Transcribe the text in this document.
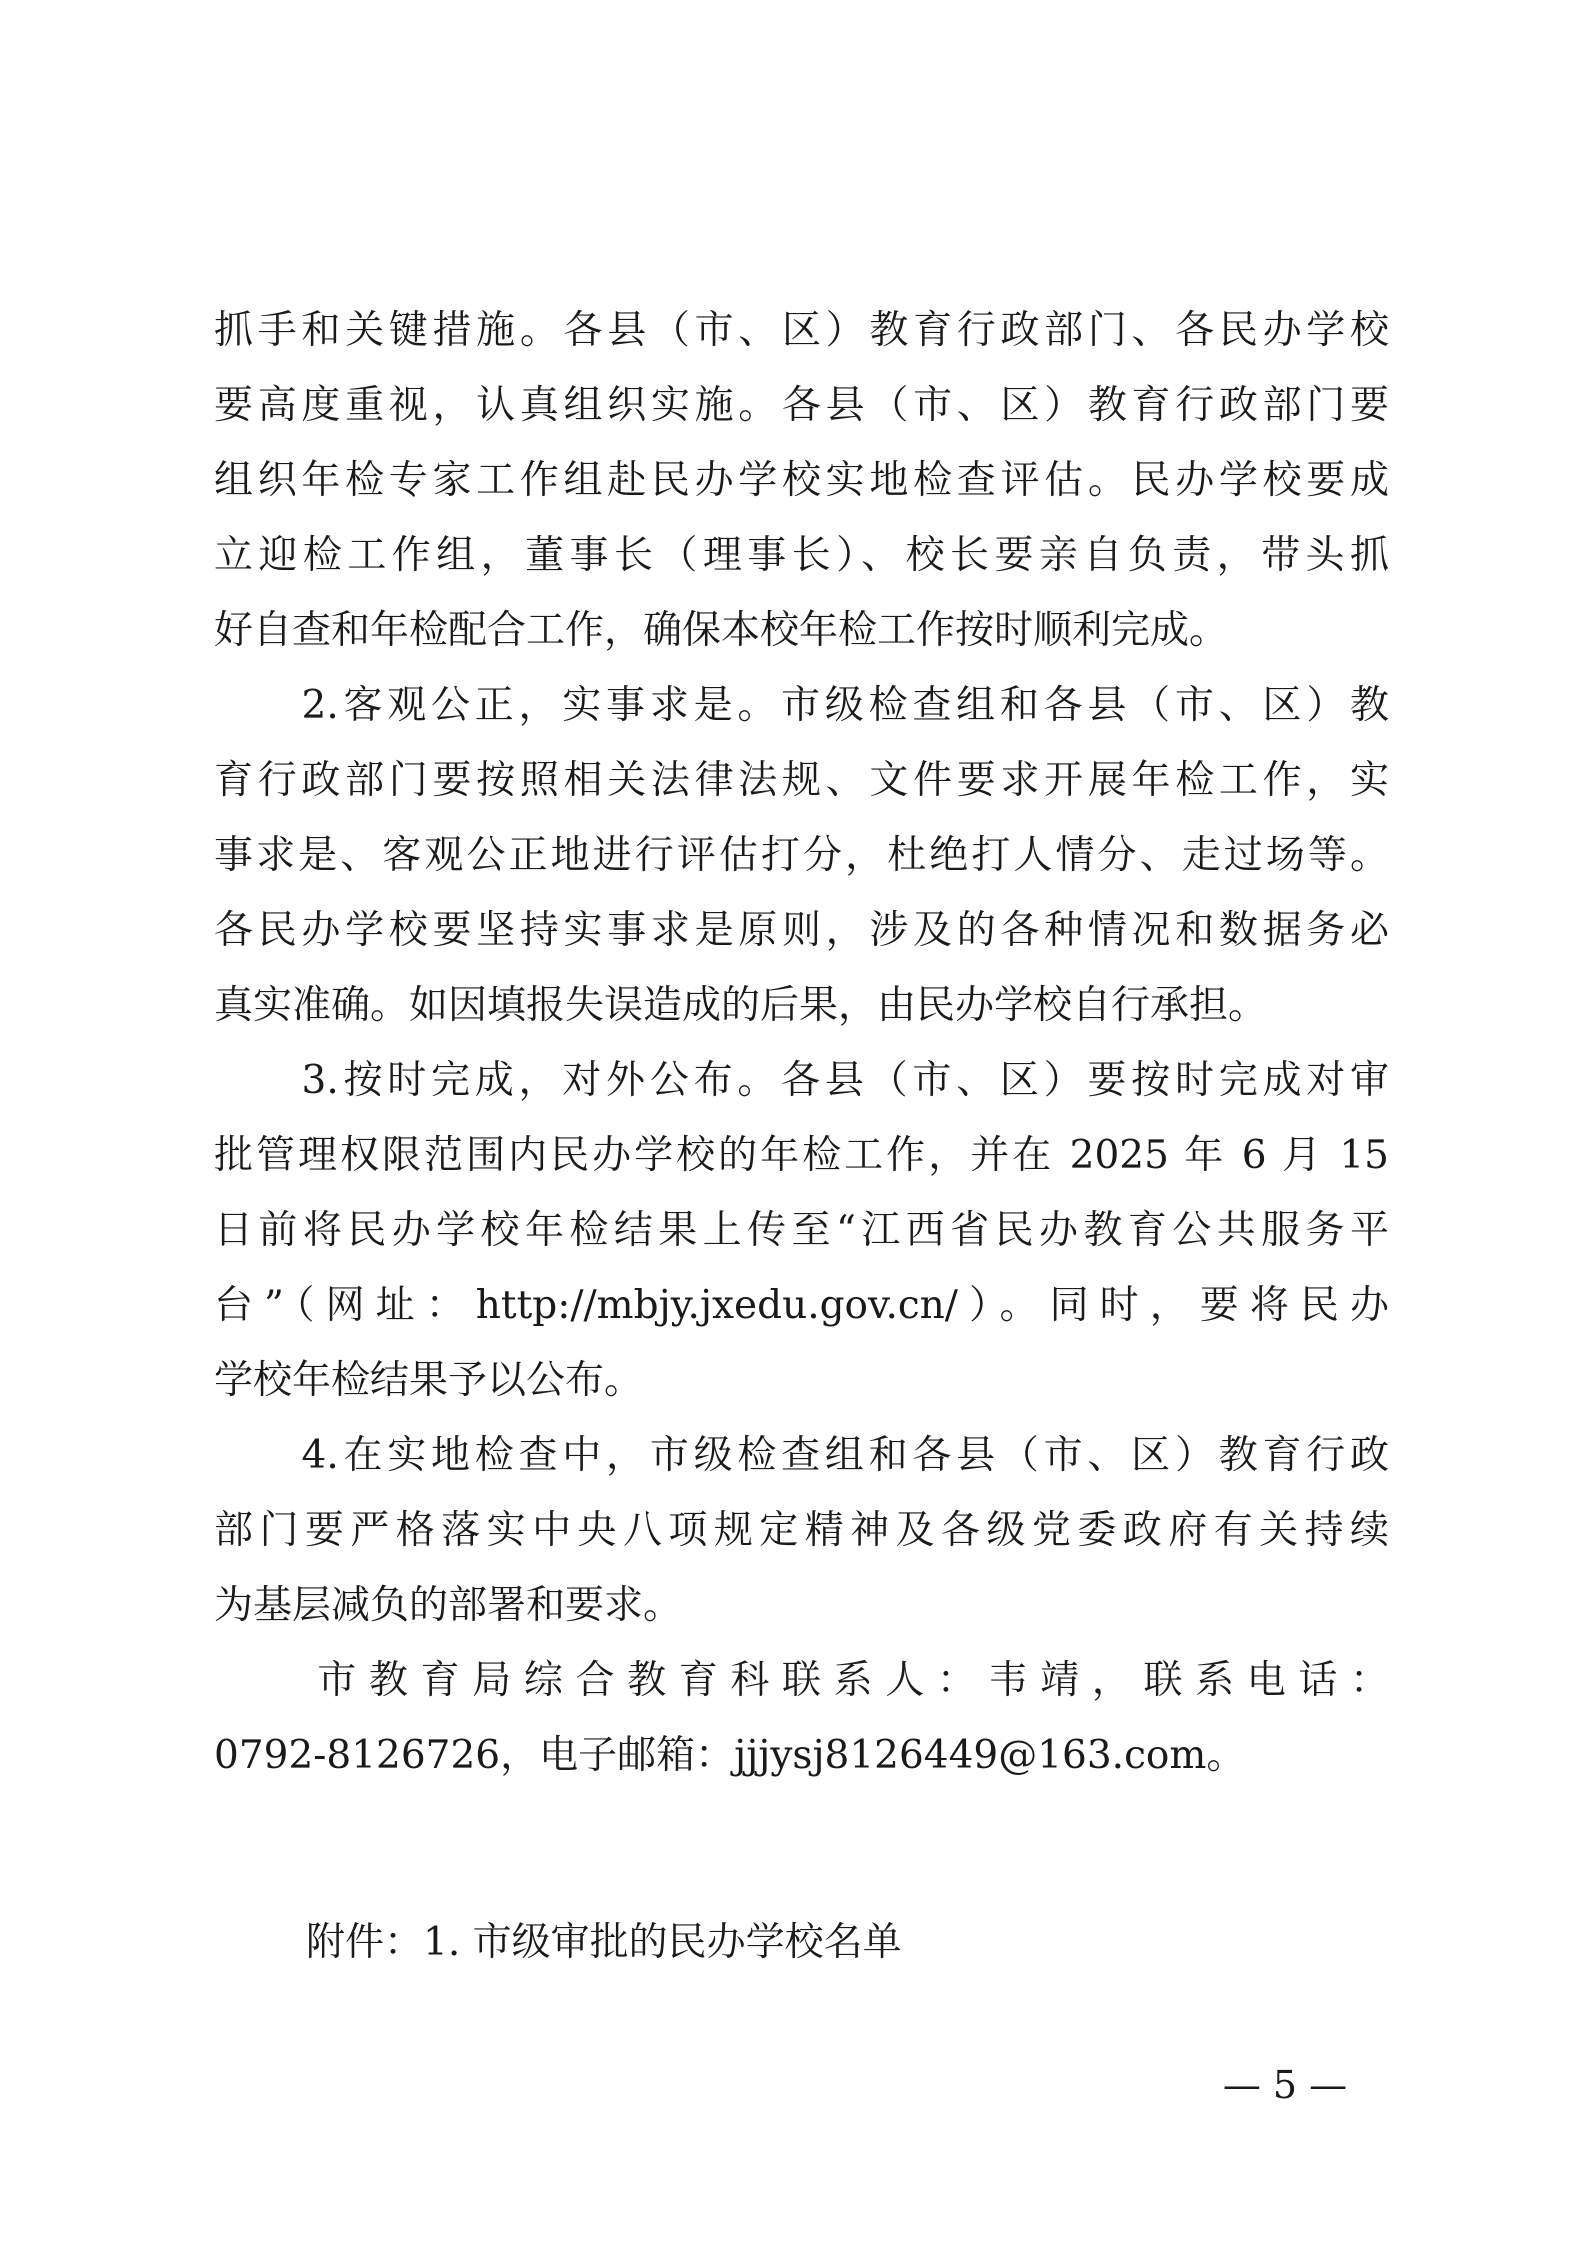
抓手和关键措施。各县（市、区）教育行政部门、各民办学校
要高度重视，认真组织实施。各县（市、区）教育行政部门要
组织年检专家工作组赴民办学校实地检查评估。民办学校要成
立迎检工作组，董事长（理事长）、校长要亲自负责，带头抓
好自查和年检配合工作，确保本校年检工作按时顺利完成。
　　2.客观公正，实事求是。市级检查组和各县（市、区）教
育行政部门要按照相关法律法规、文件要求开展年检工作，实
事求是、客观公正地进行评估打分，杜绝打人情分、走过场等。
各民办学校要坚持实事求是原则，涉及的各种情况和数据务必
真实准确。如因填报失误造成的后果，由民办学校自行承担。
　　3.按时完成，对外公布。各县（市、区）要按时完成对审
批管理权限范围内民办学校的年检工作，并在 2025 年 6 月 15
日前将民办学校年检结果上传至“江西省民办教育公共服务平
台”（网址：http://mbjy.jxedu.gov.cn/）。同时，要将民办
学校年检结果予以公布。
　　4.在实地检查中，市级检查组和各县（市、区）教育行政
部门要严格落实中央八项规定精神及各级党委政府有关持续
为基层减负的部署和要求。
　　市教育局综合教育科联系人：韦靖，联系电话：
0792-8126726，电子邮箱：jjjysj8126449@163.com。
附件：1. 市级审批的民办学校名单
— 5 —
